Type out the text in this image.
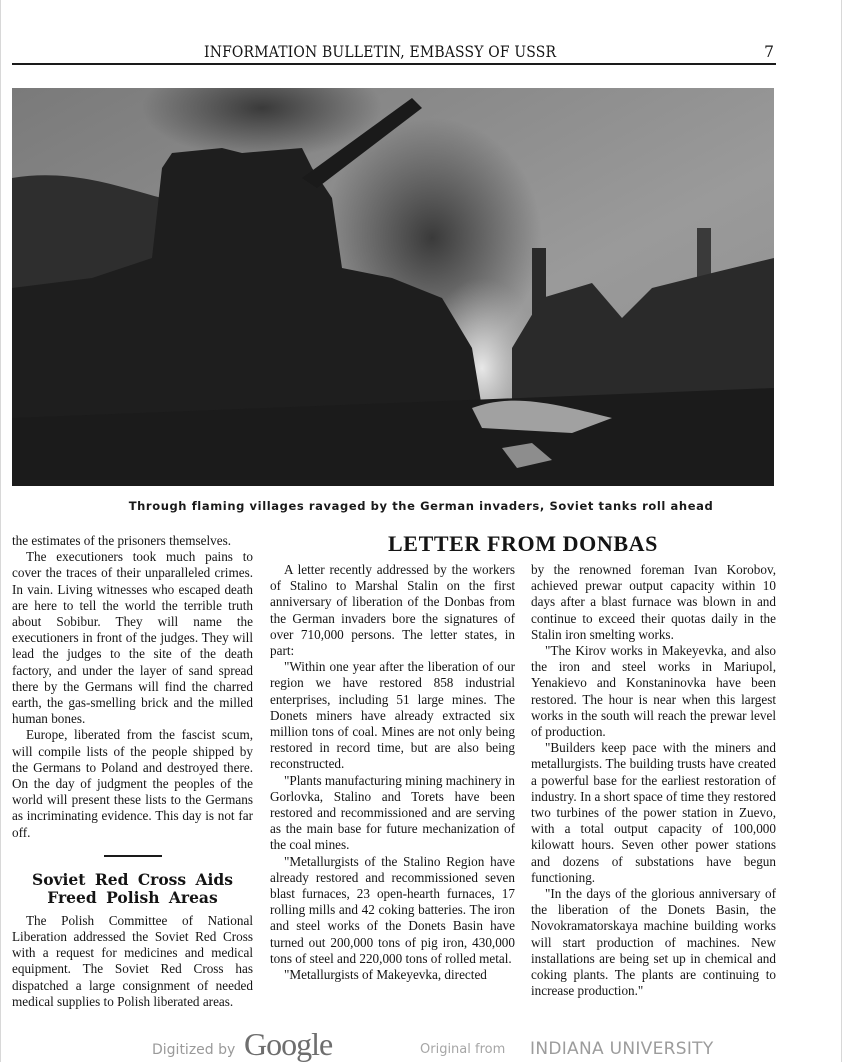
INFORMATION BULLETIN, EMBASSY OF USSR	7
Through flaming villages ravaged by the German invaders, Soviet tanks roll ahead

the estimates of the prisoners themselves.

The executioners took much pains to cover the traces of their unparalleled crimes. In vain. Living witnesses who escaped death are here to tell the world the terrible truth about Sobibur. They will name the executioners in front of the judges. They will lead the judges to the site of the death factory, and under the layer of sand spread there by the Germans will find the charred earth, the gas-smelling brick and the milled human bones.

Europe, liberated from the fascist scum, will compile lists of the people shipped by the Germans to Poland and destroyed there. On the day of judgment the peoples of the world will present these lists to the Germans as incriminating evidence. This day is not far off.

Soviet Red Cross Aids Freed Polish Areas

The Polish Committee of National Liberation addressed the Soviet Red Cross with a request for medicines and medical equipment. The Soviet Red Cross has dispatched a large consignment of needed medical supplies to Polish liberated areas.

LETTER FROM DONBAS

A letter recently addressed by the workers of Stalino to Marshal Stalin on the first anniversary of liberation of the Donbas from the German invaders bore the signatures of over 710,000 persons. The letter states, in part:

"Within one year after the liberation of our region we have restored 858 industrial enterprises, including 51 large mines. The Donets miners have already extracted six million tons of coal. Mines are not only being restored in record time, but are also being reconstructed.

"Plants manufacturing mining machinery in Gorlovka, Stalino and Torets have been restored and recommissioned and are serving as the main base for future mechanization of the coal mines.

"Metallurgists of the Stalino Region have already restored and recommissioned seven blast furnaces, 23 open-hearth furnaces, 17 rolling mills and 42 coking batteries. The iron and steel works of the Donets Basin have turned out 200,000 tons of pig iron, 430,000 tons of steel and 220,000 tons of rolled metal.

"Metallurgists of Makeyevka, directed

by the renowned foreman Ivan Korobov, achieved prewar output capacity within 10 days after a blast furnace was blown in and continue to exceed their quotas daily in the Stalin iron smelting works.

"The Kirov works in Makeyevka, and also the iron and steel works in Mariupol, Yenakievo and Konstaninovka have been restored. The hour is near when this largest works in the south will reach the prewar level of production.

"Builders keep pace with the miners and metallurgists. The building trusts have created a powerful base for the earliest restoration of industry. In a short space of time they restored two turbines of the power station in Zuevo, with a total output capacity of 100,000 kilowatt hours. Seven other power stations and dozens of substations have begun functioning.

"In the days of the glorious anniversary of the liberation of the Donets Basin, the Novokramatorskaya machine building works will start production of machines. New installations are being set up in chemical and coking plants. The plants are continuing to increase production."

Digitized by Google	Original from INDIANA UNIVERSITY
